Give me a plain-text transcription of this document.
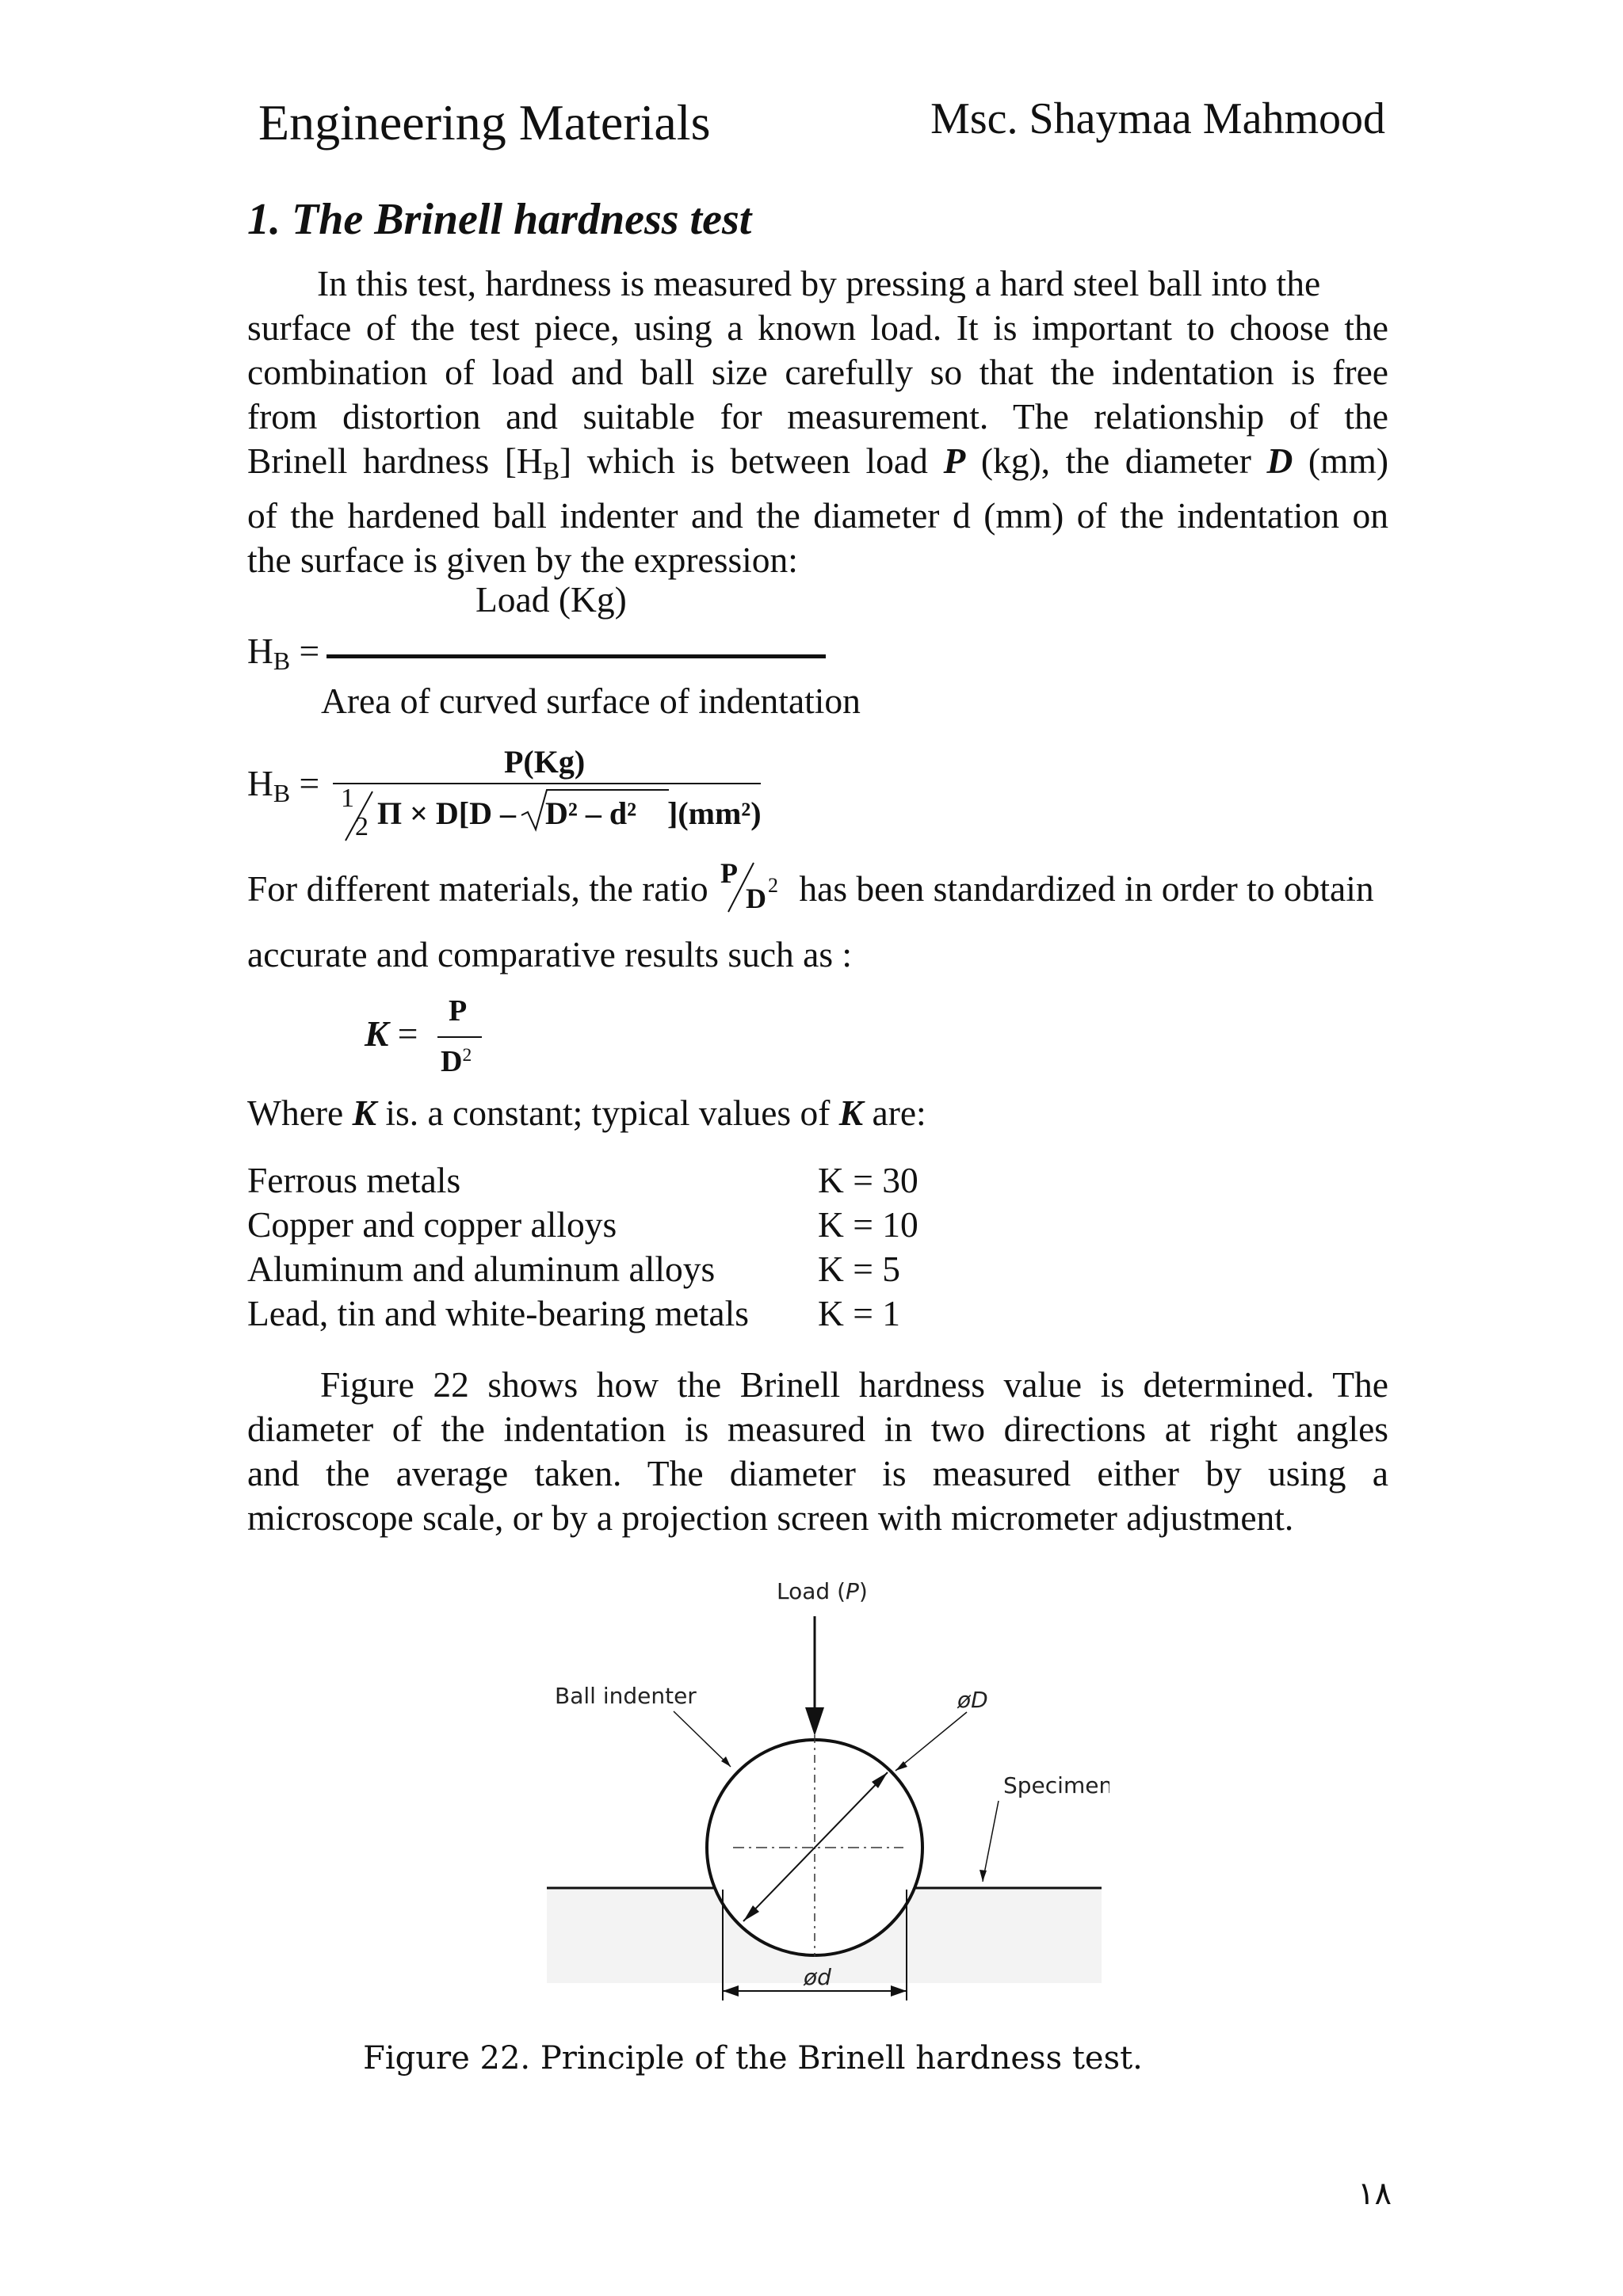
Engineering Materials	Msc. Shaymaa Mahmood
1. The Brinell hardness test
In this test, hardness is measured by pressing a hard steel ball into the
surface of the test piece, using a known load. It is important to choose the
combination of load and ball size carefully so that the indentation is free
from distortion and suitable for measurement. The relationship of the
Brinell hardness $[H_B]$ which is between load P (kg), the diameter D (mm)
of the hardened ball indenter and the diameter d (mm) of the indentation on
the surface is given by the expression:
Load (Kg)
$H_B$ =
Area of curved surface of indentation
P(Kg)
$H_B = 1$
2 Π × D[D – D² – d² ](mm²)
For different materials, the ratio P
D 2 has been standardized in order to obtain
accurate and comparative results such as :
K =
P
$D^2$
Where K is. a constant; typical values of K are:
Ferrous metals	K = 30
Copper and copper alloys	K = 10
Aluminum and aluminum alloys	K = 5
Lead, tin and white-bearing metals	K = 1
Figure 22 shows how the Brinell hardness value is determined. The
diameter of the indentation is measured in two directions at right angles
and the average taken. The diameter is measured either by using a
microscope scale, or by a projection screen with micrometer adjustment.
Load (P)
Ball indenter	øD
Specimen
ød
Figure 22. Principle of the Brinell hardness test.
١٨
